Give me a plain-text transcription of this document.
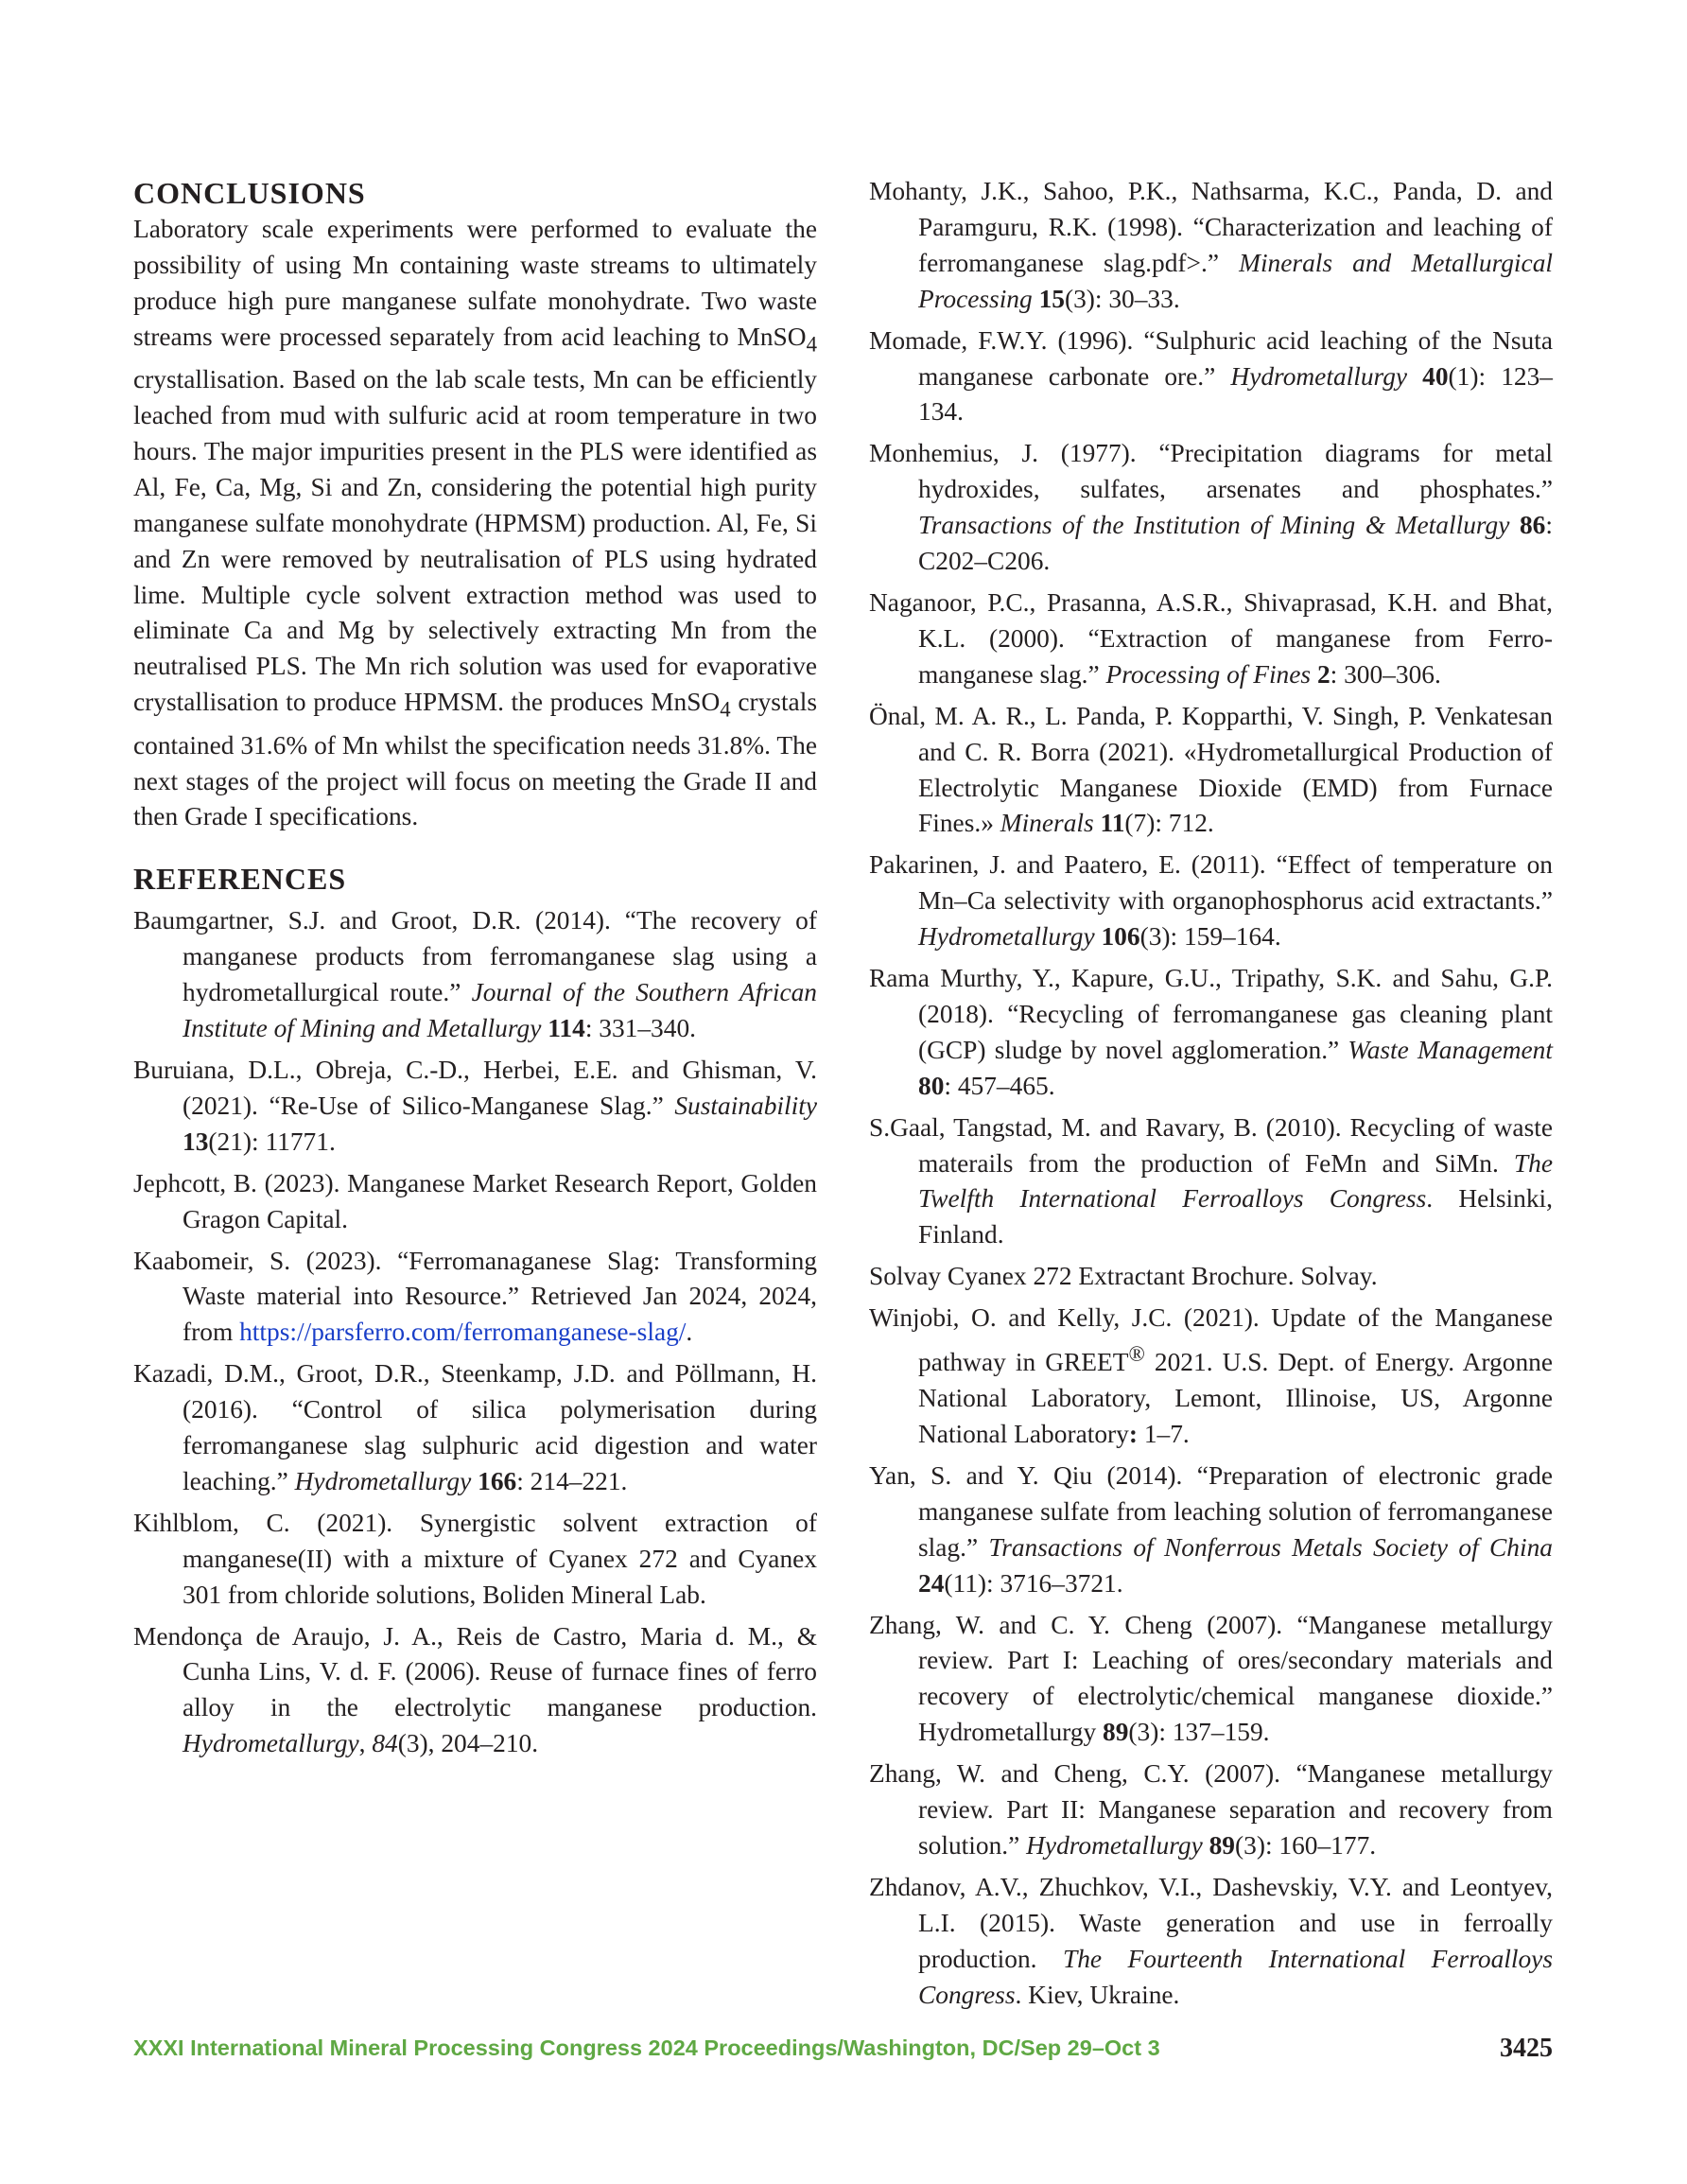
CONCLUSIONS

Laboratory scale experiments were performed to evaluate the possibility of using Mn containing waste streams to ultimately produce high pure manganese sulfate monohydrate. Two waste streams were processed separately from acid leaching to MnSO$_4$ crystallisation. Based on the lab scale tests, Mn can be efficiently leached from mud with sulfuric acid at room temperature in two hours. The major impurities present in the PLS were identified as Al, Fe, Ca, Mg, Si and Zn, considering the potential high purity manganese sulfate monohydrate (HPMSM) production. Al, Fe, Si and Zn were removed by neutralisation of PLS using hydrated lime. Multiple cycle solvent extraction method was used to eliminate Ca and Mg by selectively extracting Mn from the neutralised PLS. The Mn rich solution was used for evaporative crystallisation to produce HPMSM. the produces MnSO$_4$ crystals contained 31.6% of Mn whilst the specification needs 31.8%. The next stages of the project will focus on meeting the Grade II and then Grade I specifications.

REFERENCES
Baumgartner, S.J. and Groot, D.R. (2014). “The recovery of manganese products from ferromanganese slag using a hydrometallurgical route.” Journal of the Southern African Institute of Mining and Metallurgy 114: 331–340.
Buruiana, D.L., Obreja, C.-D., Herbei, E.E. and Ghisman, V. (2021). “Re-Use of Silico-Manganese Slag.” Sustainability 13(21): 11771.
Jephcott, B. (2023). Manganese Market Research Report, Golden Gragon Capital.
Kaabomeir, S. (2023). “Ferromanaganese Slag: Transforming Waste material into Resource.” Retrieved Jan 2024, 2024, from https://parsferro.com/ferromanganese-slag/.
Kazadi, D.M., Groot, D.R., Steenkamp, J.D. and Pöllmann, H. (2016). “Control of silica polymerisation during ferromanganese slag sulphuric acid digestion and water leaching.” Hydrometallurgy 166: 214–221.
Kihlblom, C. (2021). Synergistic solvent extraction of manganese(II) with a mixture of Cyanex 272 and Cyanex 301 from chloride solutions, Boliden Mineral Lab.
Mendonça de Araujo, J. A., Reis de Castro, Maria d. M., & Cunha Lins, V. d. F. (2006). Reuse of furnace fines of ferro alloy in the electrolytic manganese production. Hydrometallurgy, 84(3), 204–210.
Mohanty, J.K., Sahoo, P.K., Nathsarma, K.C., Panda, D. and Paramguru, R.K. (1998). “Characterization and leaching of ferromanganese slag.pdf>.” Minerals and Metallurgical Processing 15(3): 30–33.
Momade, F.W.Y. (1996). “Sulphuric acid leaching of the Nsuta manganese carbonate ore.” Hydrometallurgy 40(1): 123–134.
Monhemius, J. (1977). “Precipitation diagrams for metal hydroxides, sulfates, arsenates and phosphates.” Transactions of the Institution of Mining & Metallurgy 86: C202–C206.
Naganoor, P.C., Prasanna, A.S.R., Shivaprasad, K.H. and Bhat, K.L. (2000). “Extraction of manganese from Ferro-manganese slag.” Processing of Fines 2: 300–306.
Önal, M. A. R., L. Panda, P. Kopparthi, V. Singh, P. Venkatesan and C. R. Borra (2021). «Hydrometallurgical Production of Electrolytic Manganese Dioxide (EMD) from Furnace Fines.» Minerals 11(7): 712.
Pakarinen, J. and Paatero, E. (2011). “Effect of temperature on Mn–Ca selectivity with organophosphorus acid extractants.” Hydrometallurgy 106(3): 159–164.
Rama Murthy, Y., Kapure, G.U., Tripathy, S.K. and Sahu, G.P. (2018). “Recycling of ferromanganese gas cleaning plant (GCP) sludge by novel agglomeration.” Waste Management 80: 457–465.
S.Gaal, Tangstad, M. and Ravary, B. (2010). Recycling of waste materails from the production of FeMn and SiMn. The Twelfth International Ferroalloys Congress. Helsinki, Finland.
Solvay Cyanex 272 Extractant Brochure. Solvay.
Winjobi, O. and Kelly, J.C. (2021). Update of the Manganese pathway in GREET® 2021. U.S. Dept. of Energy. Argonne National Laboratory, Lemont, Illinoise, US, Argonne National Laboratory: 1–7.
Yan, S. and Y. Qiu (2014). “Preparation of electronic grade manganese sulfate from leaching solution of ferromanganese slag.” Transactions of Nonferrous Metals Society of China 24(11): 3716–3721.
Zhang, W. and C. Y. Cheng (2007). “Manganese metallurgy review. Part I: Leaching of ores/secondary materials and recovery of electrolytic/chemical manganese dioxide.” Hydrometallurgy 89(3): 137–159.
Zhang, W. and Cheng, C.Y. (2007). “Manganese metallurgy review. Part II: Manganese separation and recovery from solution.” Hydrometallurgy 89(3): 160–177.
Zhdanov, A.V., Zhuchkov, V.I., Dashevskiy, V.Y. and Leontyev, L.I. (2015). Waste generation and use in ferroally production. The Fourteenth International Ferroalloys Congress. Kiev, Ukraine.
XXXI International Mineral Processing Congress 2024 Proceedings/Washington, DC/Sep 29–Oct 3	3425
